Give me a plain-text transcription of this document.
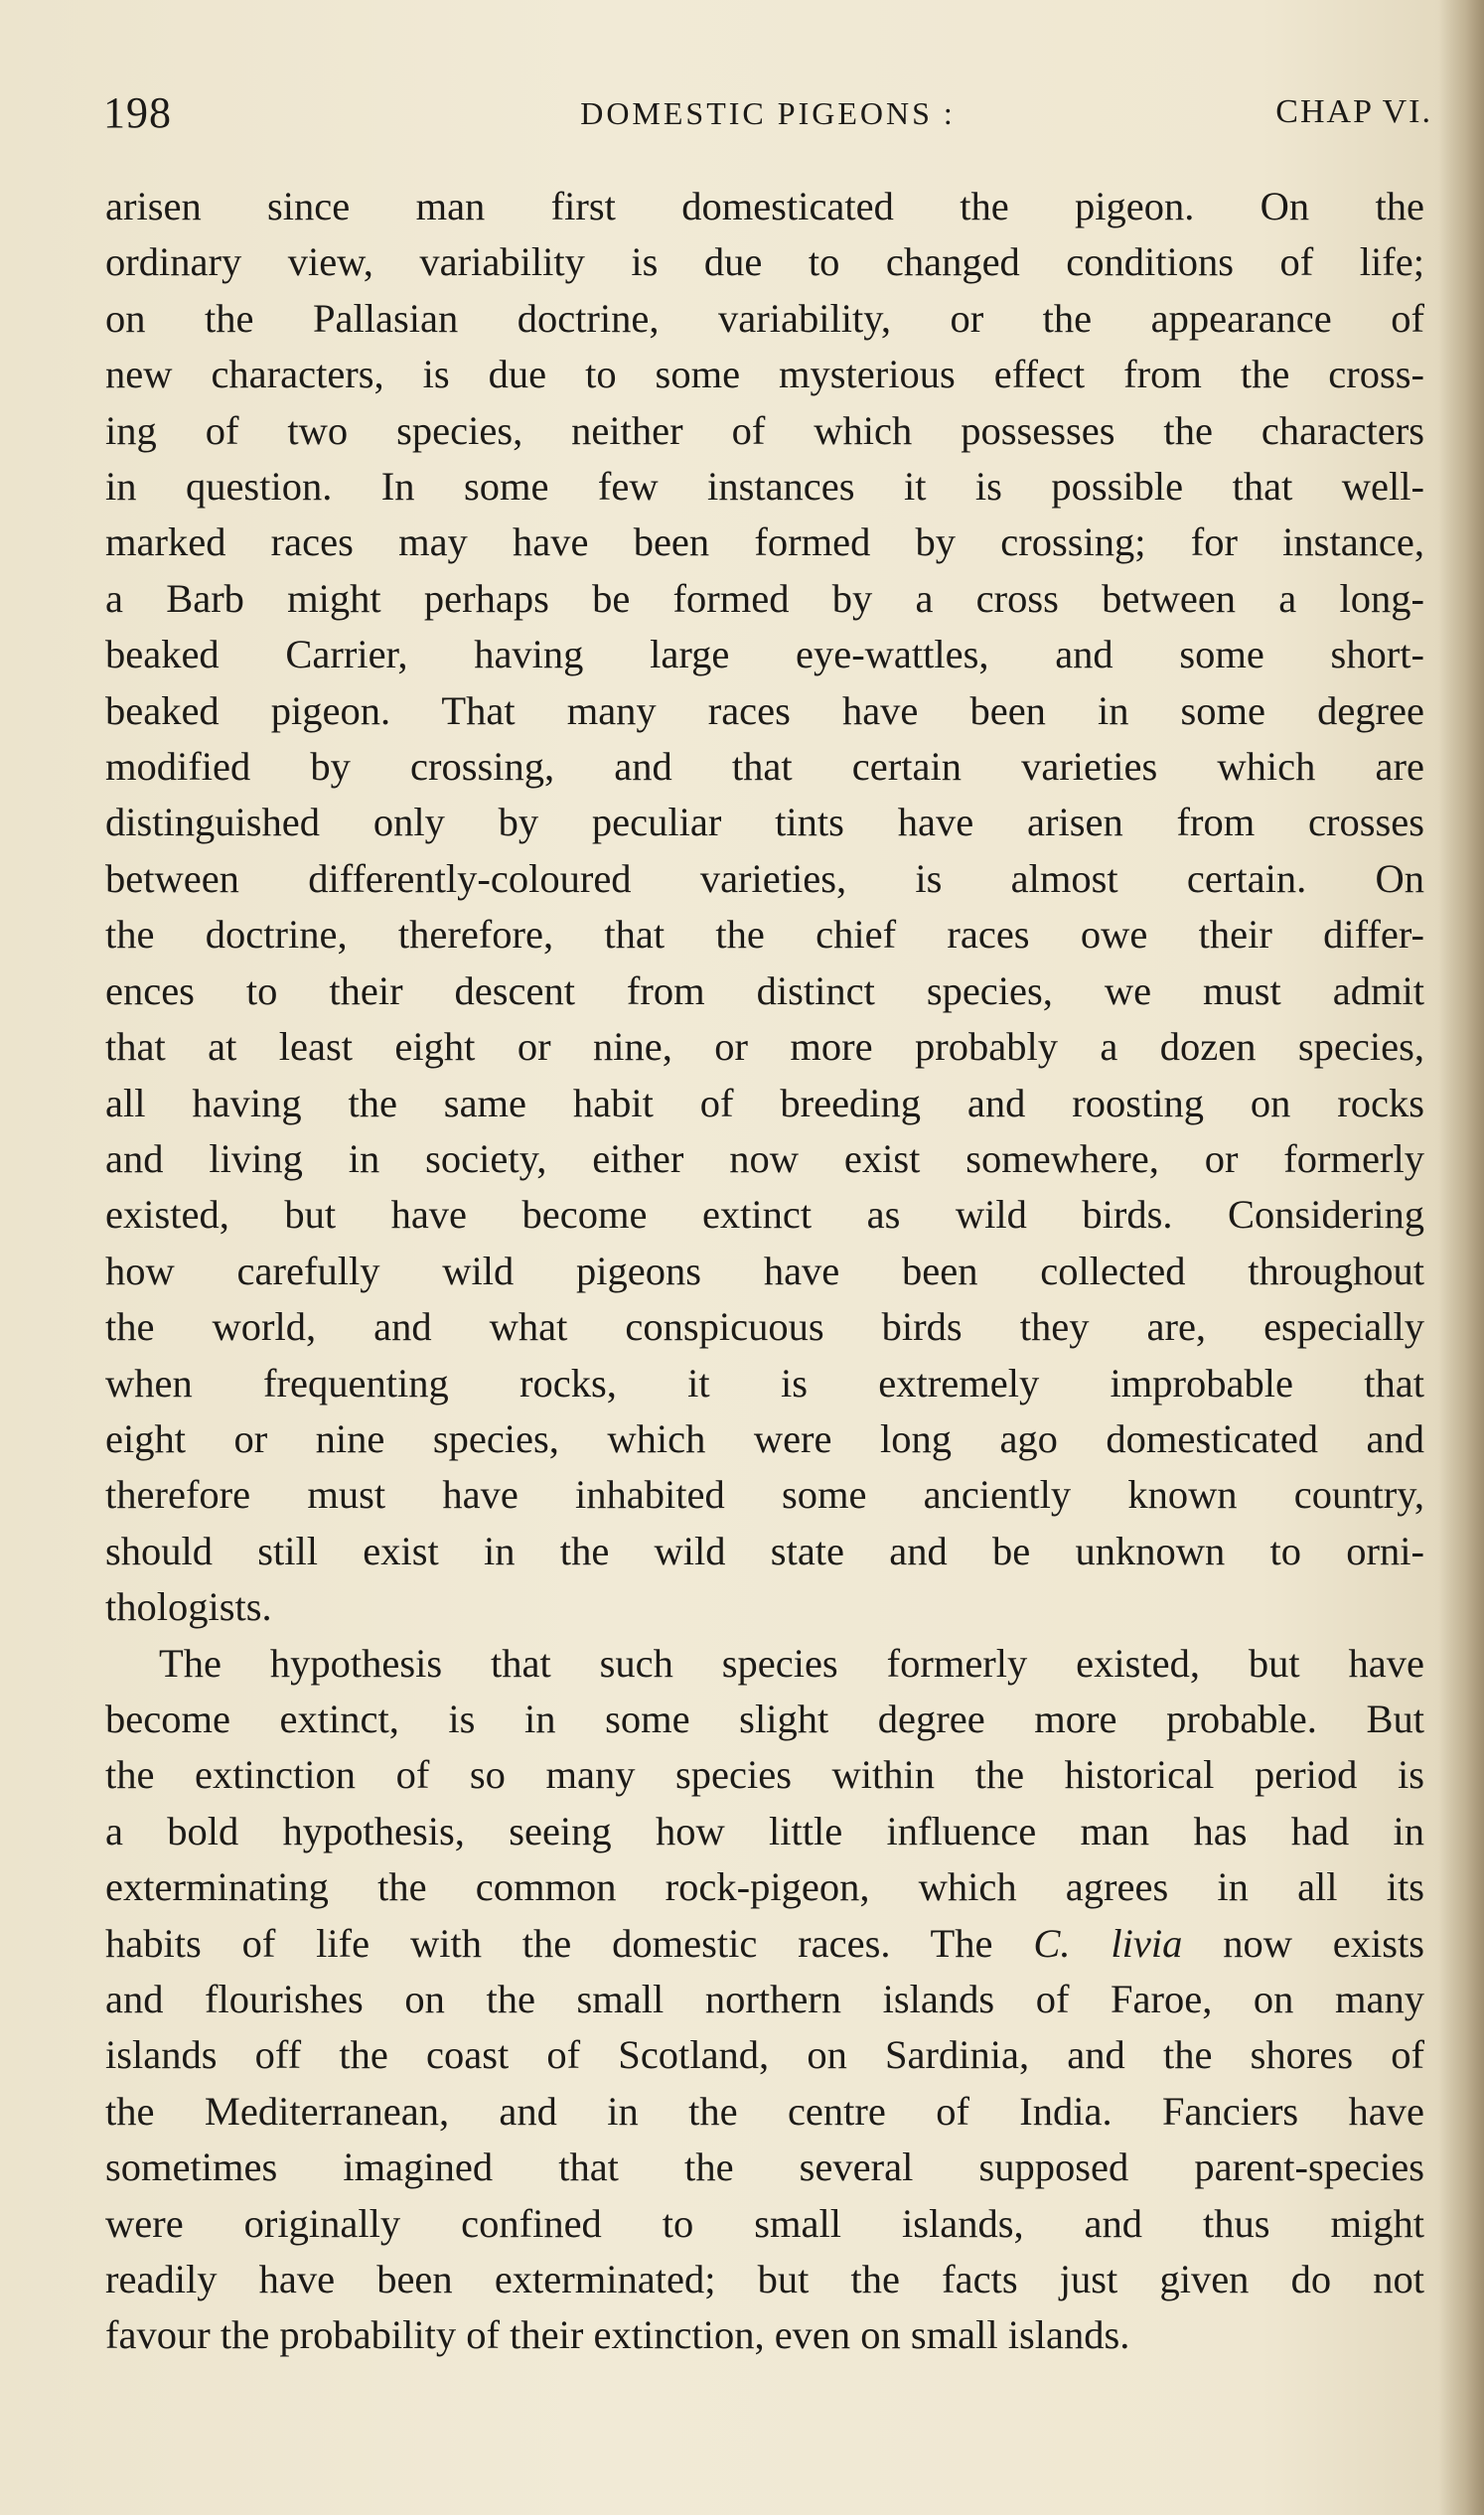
198	DOMESTIC PIGEONS :	CHAP VI.

arisen since man first domesticated the pigeon. On the
ordinary view, variability is due to changed conditions of life;
on the Pallasian doctrine, variability, or the appearance of
new characters, is due to some mysterious effect from the cross-
ing of two species, neither of which possesses the characters
in question. In some few instances it is possible that well-
marked races may have been formed by crossing; for instance,
a Barb might perhaps be formed by a cross between a long-
beaked Carrier, having large eye-wattles, and some short-
beaked pigeon. That many races have been in some degree
modified by crossing, and that certain varieties which are
distinguished only by peculiar tints have arisen from crosses
between differently-coloured varieties, is almost certain. On
the doctrine, therefore, that the chief races owe their differ-
ences to their descent from distinct species, we must admit
that at least eight or nine, or more probably a dozen species,
all having the same habit of breeding and roosting on rocks
and living in society, either now exist somewhere, or formerly
existed, but have become extinct as wild birds. Considering
how carefully wild pigeons have been collected throughout
the world, and what conspicuous birds they are, especially
when frequenting rocks, it is extremely improbable that
eight or nine species, which were long ago domesticated and
therefore must have inhabited some anciently known country,
should still exist in the wild state and be unknown to orni-
thologists.

The hypothesis that such species formerly existed, but have
become extinct, is in some slight degree more probable. But
the extinction of so many species within the historical period is
a bold hypothesis, seeing how little influence man has had in
exterminating the common rock-pigeon, which agrees in all its
habits of life with the domestic races. The C. livia now exists
and flourishes on the small northern islands of Faroe, on many
islands off the coast of Scotland, on Sardinia, and the shores of
the Mediterranean, and in the centre of India. Fanciers have
sometimes imagined that the several supposed parent-species
were originally confined to small islands, and thus might
readily have been exterminated; but the facts just given do not
favour the probability of their extinction, even on small islands.
